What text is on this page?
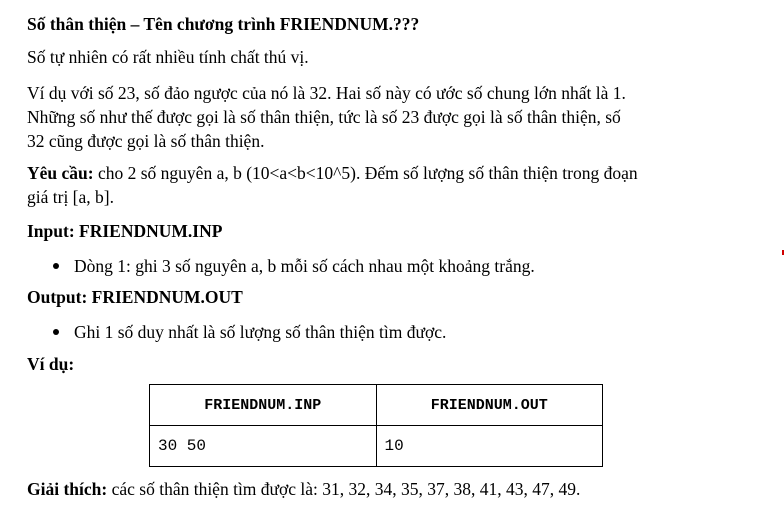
Số thân thiện – Tên chương trình FRIENDNUM.???
Số tự nhiên có rất nhiều tính chất thú vị.
Ví dụ với số 23, số đảo ngược của nó là 32. Hai số này có ước số chung lớn nhất là 1.
Những số như thế được gọi là số thân thiện, tức là số 23 được gọi là số thân thiện, số
32 cũng được gọi là số thân thiện.
Yêu cầu: cho 2 số nguyên a, b (10<a<b<10^5). Đếm số lượng số thân thiện trong đoạn
giá trị [a, b].
Input: FRIENDNUM.INP
Dòng 1: ghi 3 số nguyên a, b mỗi số cách nhau một khoảng trắng.
Output: FRIENDNUM.OUT
Ghi 1 số duy nhất là số lượng số thân thiện tìm được.
Ví dụ:
FRIENDNUM.INP	FRIENDNUM.OUT
30 50	10
Giải thích: các số thân thiện tìm được là: 31, 32, 34, 35, 37, 38, 41, 43, 47, 49.
